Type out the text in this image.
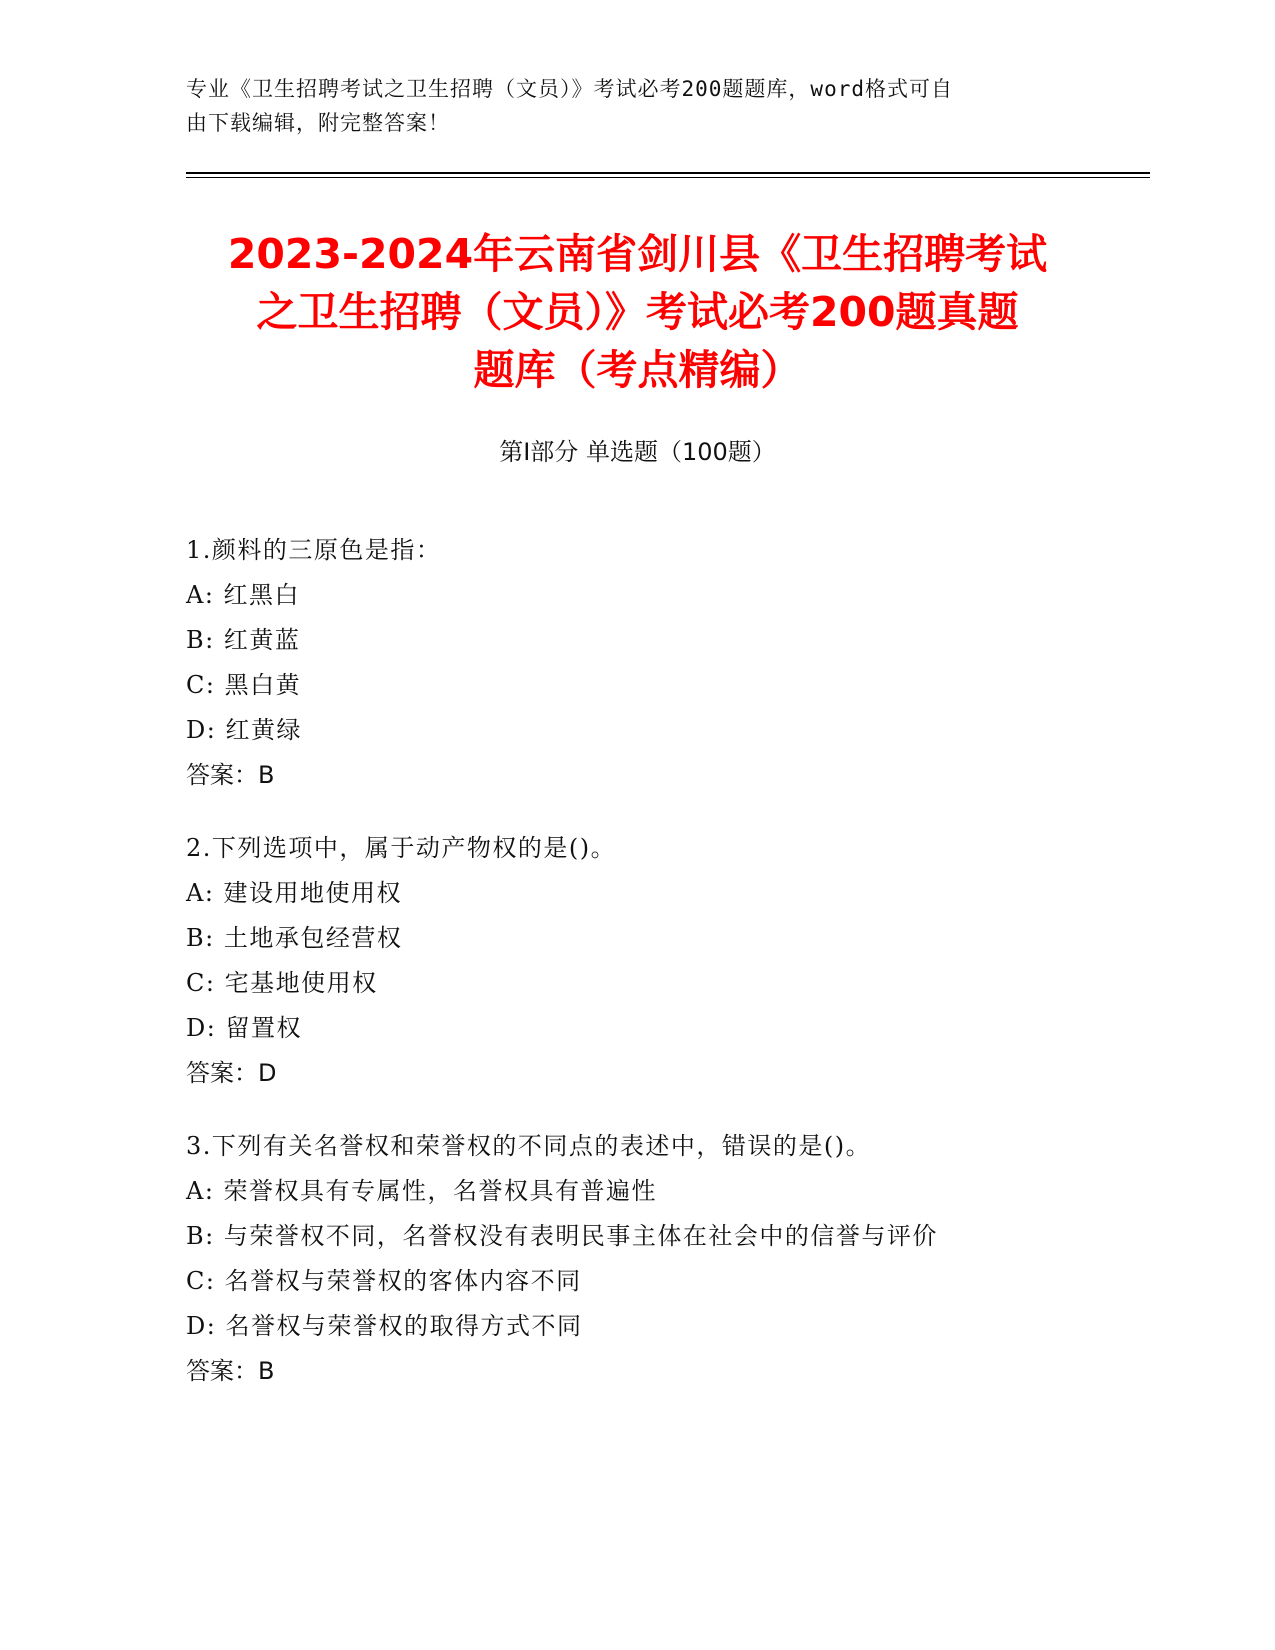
专业《卫生招聘考试之卫生招聘（文员）》考试必考200题题库，word格式可自
由下载编辑，附完整答案！
2023-2024年云南省剑川县《卫生招聘考试
之卫生招聘（文员）》考试必考200题真题
题库（考点精编）
第Ⅰ部分 单选题（100题）
1.颜料的三原色是指：
A: 红黑白
B: 红黄蓝
C: 黑白黄
D: 红黄绿
答案：B
2.下列选项中，属于动产物权的是()。
A: 建设用地使用权
B: 土地承包经营权
C: 宅基地使用权
D: 留置权
答案：D
3.下列有关名誉权和荣誉权的不同点的表述中，错误的是()。
A: 荣誉权具有专属性，名誉权具有普遍性
B: 与荣誉权不同，名誉权没有表明民事主体在社会中的信誉与评价
C: 名誉权与荣誉权的客体内容不同
D: 名誉权与荣誉权的取得方式不同
答案：B
